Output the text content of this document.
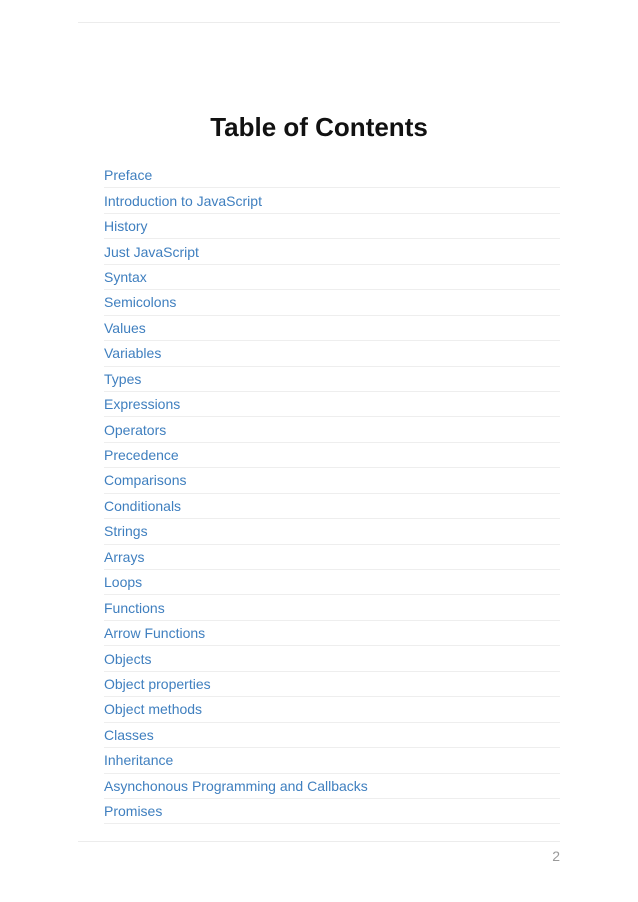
Table of Contents
Preface
Introduction to JavaScript
History
Just JavaScript
Syntax
Semicolons
Values
Variables
Types
Expressions
Operators
Precedence
Comparisons
Conditionals
Strings
Arrays
Loops
Functions
Arrow Functions
Objects
Object properties
Object methods
Classes
Inheritance
Asynchonous Programming and Callbacks
Promises
2
